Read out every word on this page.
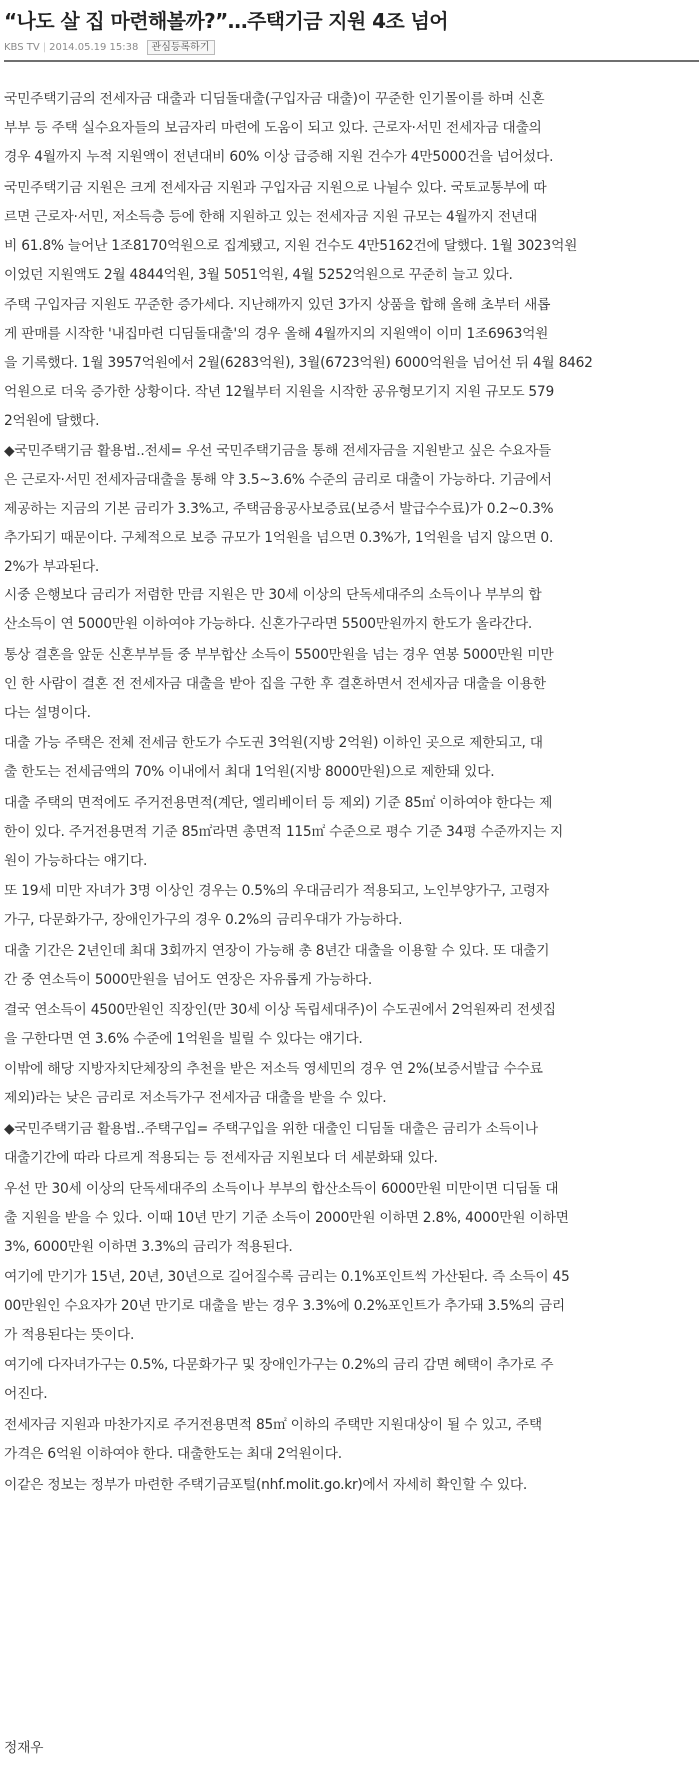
“나도 살 집 마련해볼까?”…주택기금 지원 4조 넘어
KBS TV | 2014.05.19 15:38 관심등록하기

국민주택기금의 전세자금 대출과 디딤돌대출(구입자금 대출)이 꾸준한 인기몰이를 하며 신혼
부부 등 주택 실수요자들의 보금자리 마련에 도움이 되고 있다. 근로자·서민 전세자금 대출의
경우 4월까지 누적 지원액이 전년대비 60% 이상 급증해 지원 건수가 4만5000건을 넘어섰다.

국민주택기금 지원은 크게 전세자금 지원과 구입자금 지원으로 나뉠수 있다. 국토교통부에 따
르면 근로자·서민, 저소득층 등에 한해 지원하고 있는 전세자금 지원 규모는 4월까지 전년대
비 61.8% 늘어난 1조8170억원으로 집계됐고, 지원 건수도 4만5162건에 달했다. 1월 3023억원
이었던 지원액도 2월 4844억원, 3월 5051억원, 4월 5252억원으로 꾸준히 늘고 있다.

주택 구입자금 지원도 꾸준한 증가세다. 지난해까지 있던 3가지 상품을 합해 올해 초부터 새롭
게 판매를 시작한 '내집마련 디딤돌대출'의 경우 올해 4월까지의 지원액이 이미 1조6963억원
을 기록했다. 1월 3957억원에서 2월(6283억원), 3월(6723억원) 6000억원을 넘어선 뒤 4월 8462
억원으로 더욱 증가한 상황이다. 작년 12월부터 지원을 시작한 공유형모기지 지원 규모도 579
2억원에 달했다.

◆국민주택기금 활용법..전세= 우선 국민주택기금을 통해 전세자금을 지원받고 싶은 수요자들
은 근로자·서민 전세자금대출을 통해 약 3.5~3.6% 수준의 금리로 대출이 가능하다. 기금에서
제공하는 지금의 기본 금리가 3.3%고, 주택금융공사보증료(보증서 발급수수료)가 0.2~0.3%
추가되기 때문이다. 구체적으로 보증 규모가 1억원을 넘으면 0.3%가, 1억원을 넘지 않으면 0.
2%가 부과된다.

시중 은행보다 금리가 저렴한 만큼 지원은 만 30세 이상의 단독세대주의 소득이나 부부의 합
산소득이 연 5000만원 이하여야 가능하다. 신혼가구라면 5500만원까지 한도가 올라간다.

통상 결혼을 앞둔 신혼부부들 중 부부합산 소득이 5500만원을 넘는 경우 연봉 5000만원 미만
인 한 사람이 결혼 전 전세자금 대출을 받아 집을 구한 후 결혼하면서 전세자금 대출을 이용한
다는 설명이다.

대출 가능 주택은 전체 전세금 한도가 수도권 3억원(지방 2억원) 이하인 곳으로 제한되고, 대
출 한도는 전세금액의 70% 이내에서 최대 1억원(지방 8000만원)으로 제한돼 있다.

대출 주택의 면적에도 주거전용면적(계단, 엘리베이터 등 제외) 기준 85㎡ 이하여야 한다는 제
한이 있다. 주거전용면적 기준 85㎡라면 총면적 115㎡ 수준으로 평수 기준 34평 수준까지는 지
원이 가능하다는 얘기다.

또 19세 미만 자녀가 3명 이상인 경우는 0.5%의 우대금리가 적용되고, 노인부양가구, 고령자
가구, 다문화가구, 장애인가구의 경우 0.2%의 금리우대가 가능하다.

대출 기간은 2년인데 최대 3회까지 연장이 가능해 총 8년간 대출을 이용할 수 있다. 또 대출기
간 중 연소득이 5000만원을 넘어도 연장은 자유롭게 가능하다.

결국 연소득이 4500만원인 직장인(만 30세 이상 독립세대주)이 수도권에서 2억원짜리 전셋집
을 구한다면 연 3.6% 수준에 1억원을 빌릴 수 있다는 얘기다.

이밖에 해당 지방자치단체장의 추천을 받은 저소득 영세민의 경우 연 2%(보증서발급 수수료
제외)라는 낮은 금리로 저소득가구 전세자금 대출을 받을 수 있다.

◆국민주택기금 활용법..주택구입= 주택구입을 위한 대출인 디딤돌 대출은 금리가 소득이나
대출기간에 따라 다르게 적용되는 등 전세자금 지원보다 더 세분화돼 있다.

우선 만 30세 이상의 단독세대주의 소득이나 부부의 합산소득이 6000만원 미만이면 디딤돌 대
출 지원을 받을 수 있다. 이때 10년 만기 기준 소득이 2000만원 이하면 2.8%, 4000만원 이하면
3%, 6000만원 이하면 3.3%의 금리가 적용된다.

여기에 만기가 15년, 20년, 30년으로 길어질수록 금리는 0.1%포인트씩 가산된다. 즉 소득이 45
00만원인 수요자가 20년 만기로 대출을 받는 경우 3.3%에 0.2%포인트가 추가돼 3.5%의 금리
가 적용된다는 뜻이다.

여기에 다자녀가구는 0.5%, 다문화가구 및 장애인가구는 0.2%의 금리 감면 혜택이 추가로 주
어진다.

전세자금 지원과 마찬가지로 주거전용면적 85㎡ 이하의 주택만 지원대상이 될 수 있고, 주택
가격은 6억원 이하여야 한다. 대출한도는 최대 2억원이다.

이같은 정보는 정부가 마련한 주택기금포털(nhf.molit.go.kr)에서 자세히 확인할 수 있다.

정재우
